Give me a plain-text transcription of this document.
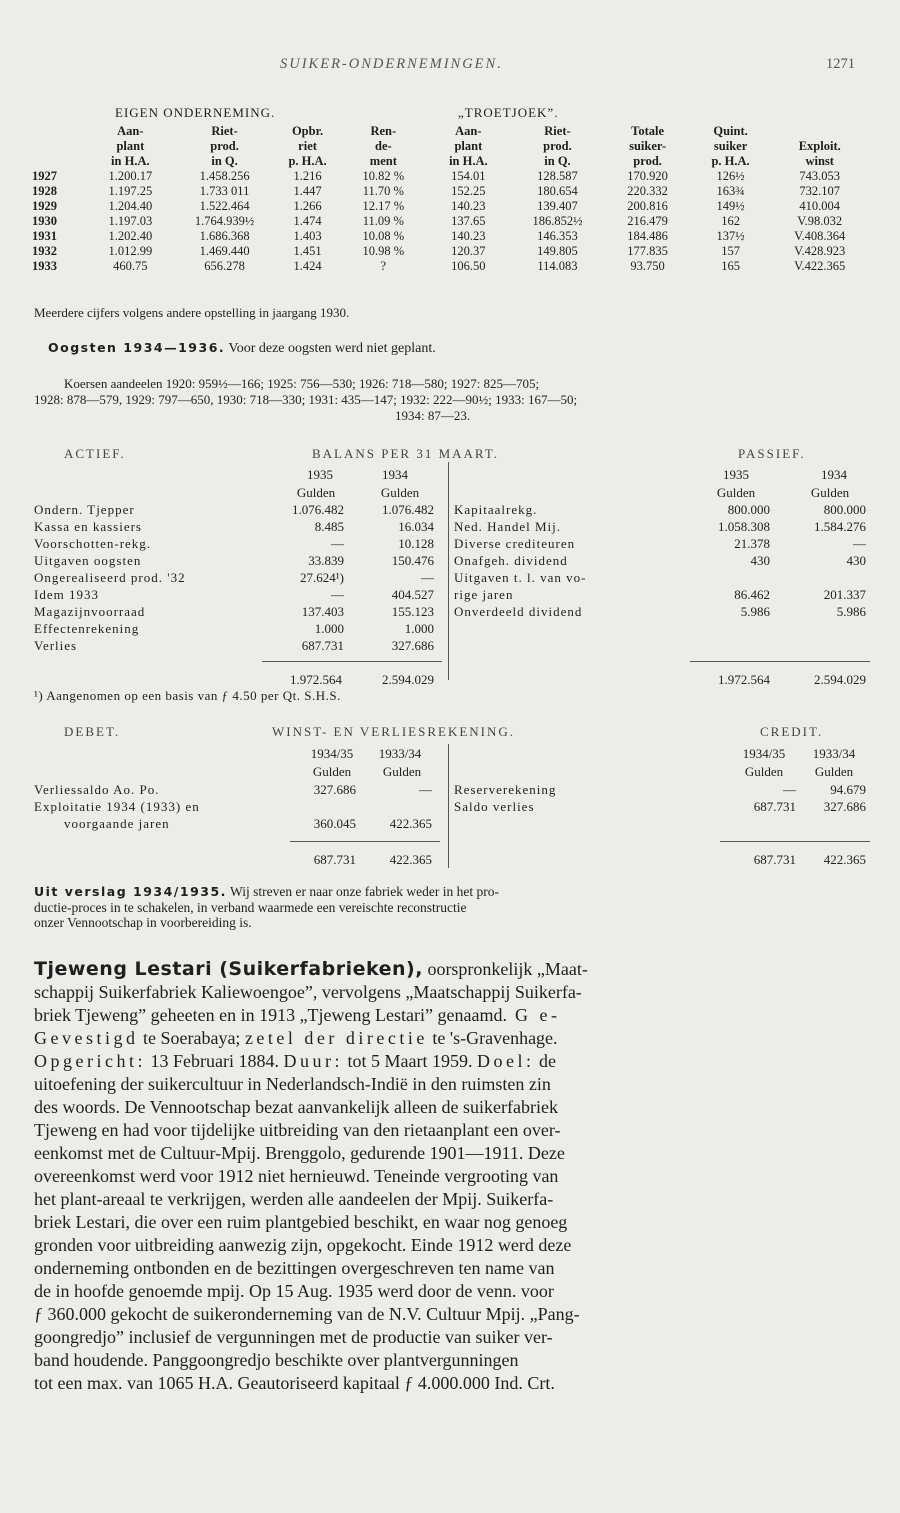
SUIKER-ONDERNEMINGEN.	1271
EIGEN ONDERNEMING.	„TROETJOEK”.
	Aan-	Riet-	Opbr.	Ren-	Aan-	Riet-	Totale	Quint.	
	plant	prod.	riet	de-	plant	prod.	suiker-	suiker	Exploit.
	in H.A.	in Q.	p. H.A.	ment	in H.A.	in Q.	prod.	p. H.A.	winst
1927	1.200.17	1.458.256	1.216	10.82 %	154.01	128.587	170.920	126½	743.053
1928	1.197.25	1.733 011	1.447	11.70 %	152.25	180.654	220.332	163¾	732.107
1929	1.204.40	1.522.464	1.266	12.17 %	140.23	139.407	200.816	149½	410.004
1930	1.197.03	1.764.939½	1.474	11.09 %	137.65	186.852½	216.479	162	V.98.032
1931	1.202.40	1.686.368	1.403	10.08 %	140.23	146.353	184.486	137½	V.408.364
1932	1.012.99	1.469.440	1.451	10.98 %	120.37	149.805	177.835	157	V.428.923
1933	460.75	656.278	1.424	?	106.50	114.083	93.750	165	V.422.365
Meerdere cijfers volgens andere opstelling in jaargang 1930.
Oogsten 1934—1936. Voor deze oogsten werd niet geplant.
Koersen aandeelen 1920: 959½—166; 1925: 756—530; 1926: 718—580; 1927: 825—705;
1928: 878—579, 1929: 797—650, 1930: 718—330; 1931: 435—147; 1932: 222—90½; 1933: 167—50;
1934: 87—23.
ACTIEF.	BALANS PER 31 MAART.	PASSIEF.
1935	1934
Gulden	Gulden
1935	1934
Gulden	Gulden
Ondern. Tjepper	1.076.482	1.076.482
Kassa en kassiers	8.485	16.034
Voorschotten-rekg.	—	10.128
Uitgaven oogsten	33.839	150.476
Ongerealiseerd prod. '32	27.624¹)	—
Idem 1933	—	404.527
Magazijnvoorraad	137.403	155.123
Effectenrekening	1.000	1.000
Verlies	687.731	327.686
Kapitaalrekg.	800.000	800.000
Ned. Handel Mij.	1.058.308	1.584.276
Diverse crediteuren	21.378	—
Onafgeh. dividend	430	430
Uitgaven t. l. van vo-
rige jaren	86.462	201.337
Onverdeeld dividend	5.986	5.986
1.972.564	2.594.029	1.972.564	2.594.029
¹) Aangenomen op een basis van ƒ 4.50 per Qt. S.H.S.
DEBET.	WINST- EN VERLIESREKENING.	CREDIT.
1934/35	1933/34
Gulden	Gulden
1934/35	1933/34
Gulden	Gulden
Verliessaldo Ao. Po.	327.686	—
Exploitatie 1934 (1933) en
voorgaande jaren	360.045	422.365
Reserverekening	—	94.679
Saldo verlies	687.731	327.686
687.731	422.365	687.731	422.365
Uit verslag 1934/1935. Wij streven er naar onze fabriek weder in het pro-
ductie-proces in te schakelen, in verband waarmede een vereischte reconstructie
onzer Vennootschap in voorbereiding is.
Tjeweng Lestari (Suikerfabrieken), oorspronkelijk „Maat-
schappij Suikerfabriek Kaliewoengoe”, vervolgens „Maatschappij Suikerfa-
briek Tjeweng” geheeten en in 1913 „Tjeweng Lestari” genaamd. G e-
Gevestigd te Soerabaya; zetel der directie te 's-Gravenhage.
Opgericht: 13 Februari 1884. Duur: tot 5 Maart 1959. Doel: de
uitoefening der suikercultuur in Nederlandsch-Indië in den ruimsten zin
des woords. De Vennootschap bezat aanvankelijk alleen de suikerfabriek
Tjeweng en had voor tijdelijke uitbreiding van den rietaanplant een over-
eenkomst met de Cultuur-Mpij. Brenggolo, gedurende 1901—1911. Deze
overeenkomst werd voor 1912 niet hernieuwd. Teneinde vergrooting van
het plant-areaal te verkrijgen, werden alle aandeelen der Mpij. Suikerfa-
briek Lestari, die over een ruim plantgebied beschikt, en waar nog genoeg
gronden voor uitbreiding aanwezig zijn, opgekocht. Einde 1912 werd deze
onderneming ontbonden en de bezittingen overgeschreven ten name van
de in hoofde genoemde mpij. Op 15 Aug. 1935 werd door de venn. voor
ƒ 360.000 gekocht de suikeronderneming van de N.V. Cultuur Mpij. „Pang-
goongredjo” inclusief de vergunningen met de productie van suiker ver-
band houdende. Panggoongredjo beschikte over plantvergunningen
tot een max. van 1065 H.A. Geautoriseerd kapitaal ƒ 4.000.000 Ind. Crt.
